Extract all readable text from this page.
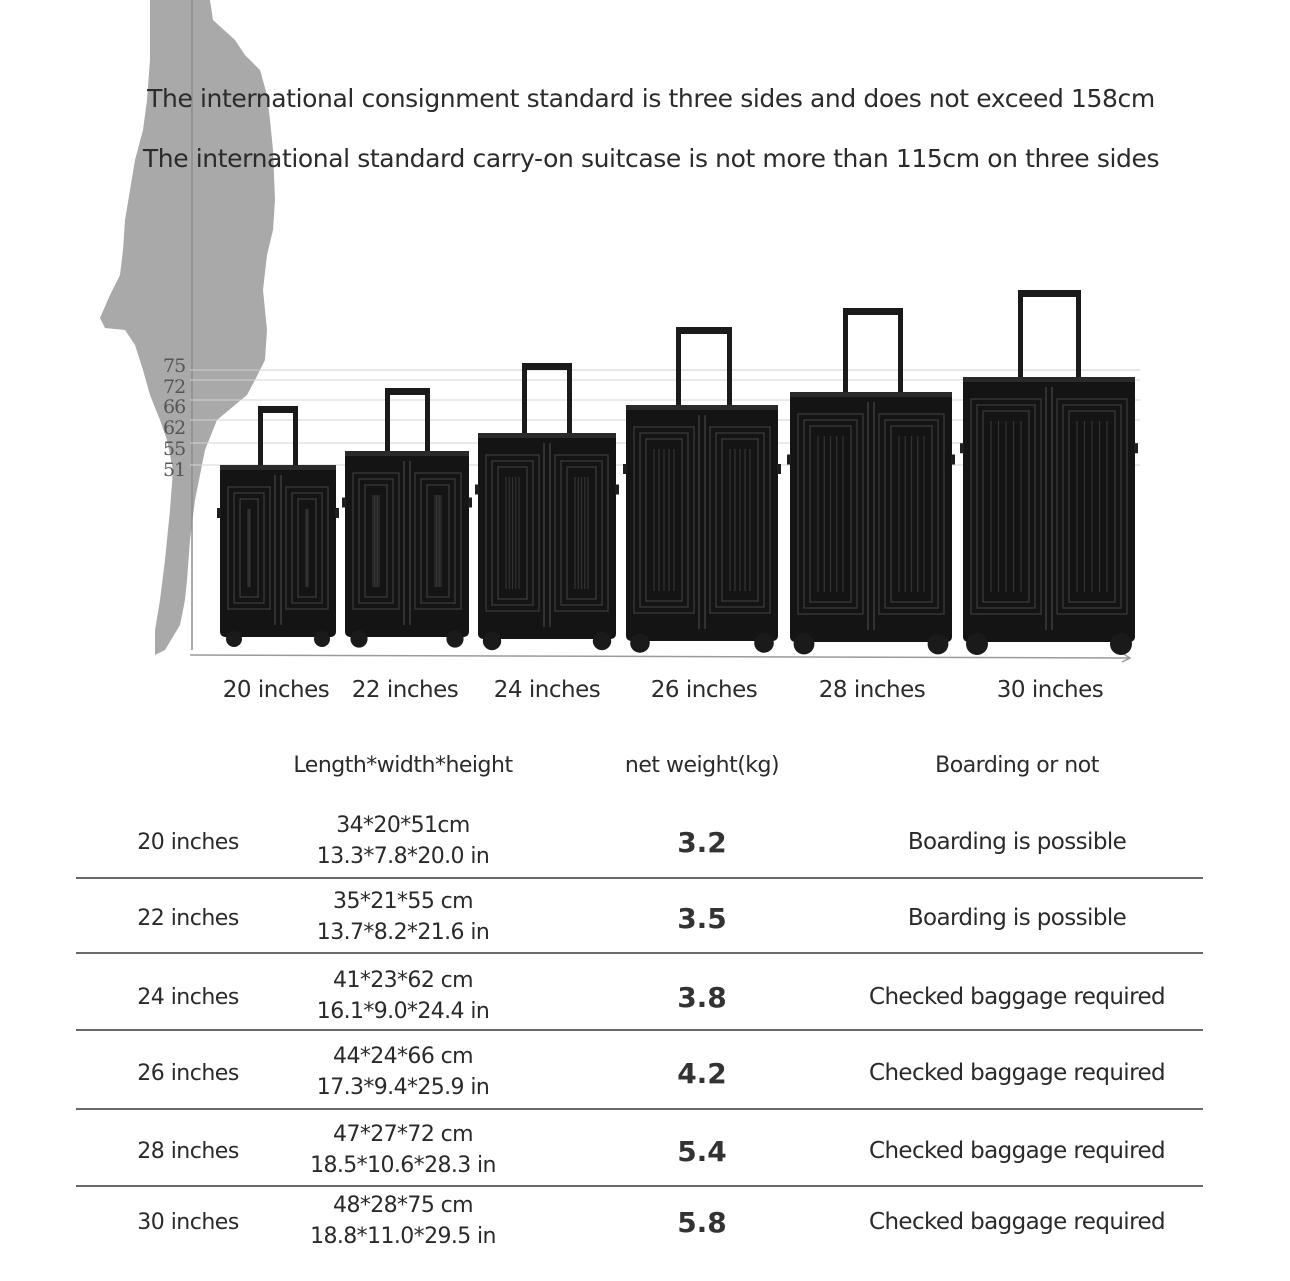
75
72
66
62
55
51
The international consignment standard is three sides and does not exceed 158cm
The international standard carry-on suitcase is not more than 115cm on three sides
20 inches 22 inches	24 inches	26 inches	28 inches	30 inches
Length*width*height	net weight(kg)	Boarding or not
20 inches
34*20*51cm
13.3*7.8*20.0 in	3.2	Boarding is possible
22 inches
35*21*55 cm
13.7*8.2*21.6 in	3.5	Boarding is possible
24 inches
41*23*62 cm
16.1*9.0*24.4 in	3.8	Checked baggage required
26 inches
44*24*66 cm
17.3*9.4*25.9 in	4.2	Checked baggage required
28 inches
47*27*72 cm
18.5*10.6*28.3 in	5.4	Checked baggage required
30 inches
48*28*75 cm
18.8*11.0*29.5 in	5.8	Checked baggage required
